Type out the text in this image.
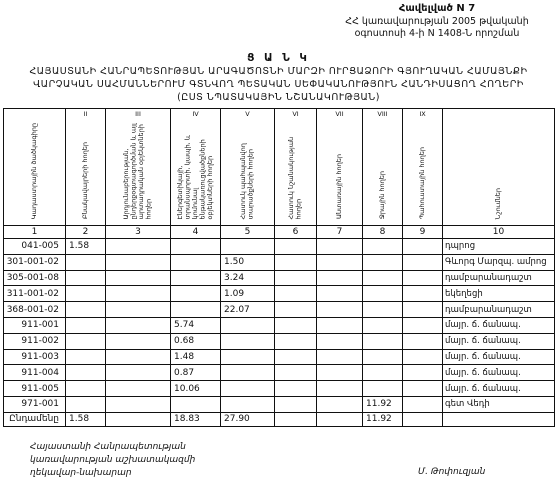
Հավելված N 7
ՀՀ կառավարության 2005 թվականի
օգոստոսի 4-ի N 1408-Ն որոշման
Ց Ա Ն Կ
ՀԱՅԱՍՏԱՆԻ ՀԱՆՐԱՊԵՏՈՒԹՅԱՆ ԱՐԱԳԱԾՈՏՆԻ ՄԱՐԶԻ ՈՒՐՑԱՁՈՐԻ ԳՅՈՒՂԱԿԱՆ ՀԱՄԱՅՆՔԻ
ՎԱՐՉԱԿԱՆ ՍԱՀՄԱՆՆԵՐՈՒՄ ԳՏՆՎՈՂ ՊԵՏԱԿԱՆ ՍԵՓԱԿԱՆՈՒԹՅՈՒՆ ՀԱՆԴԻՍԱՑՈՂ ՀՈՂԵՐԻ
(ԸՍՏ ՆՊԱՏԱԿԱՅԻՆ ՆՇԱՆԱԿՈՒԹՅԱՆ)
	II	III	IV	V	VI	VII	VIII	IX	

Կադաստրային ծածկագիրը	Բնակավայրերի հողեր	Արդյունաբերության, ընդերքօգտագործման և այլ արտադրական օբյեկտների հողեր	Էներգետիկայի, տրանսպորտի, կապի, և կոմունալ ենթակառուցվածքների օբյեկտների հողեր	Հատուկ պահպանվող տարածքների հողեր	Հատուկ նշանակության հողեր	Անտառային հողեր	Ջրային հողեր	Պահուստային հողեր	Նշումներ

1	2	3	4	5	6	7	8	9	10
041-005	1.58								դպրոց
301-001-02				1.50					Գևորգ Մարզպ. ամրոց
305-001-08				3.24					դամբարանադաշտ
311-001-02				1.09					եկեղեցի
368-001-02				22.07					դամբարանադաշտ
911-001			5.74						մայր. ճ. ճանապ.
911-002			0.68						մայր. ճ. ճանապ.
911-003			1.48						մայր. ճ. ճանապ.
911-004			0.87						մայր. ճ. ճանապ.
911-005			10.06						մայր. ճ. ճանապ.
971-001							11.92		գետ Վեդի
Ընդամենը	1.58		18.83	27.90			11.92		
Հայաստանի Հանրապետության
կառավարության աշխատակազմի
ղեկավար-նախարար	Մ. Թոփուզյան
